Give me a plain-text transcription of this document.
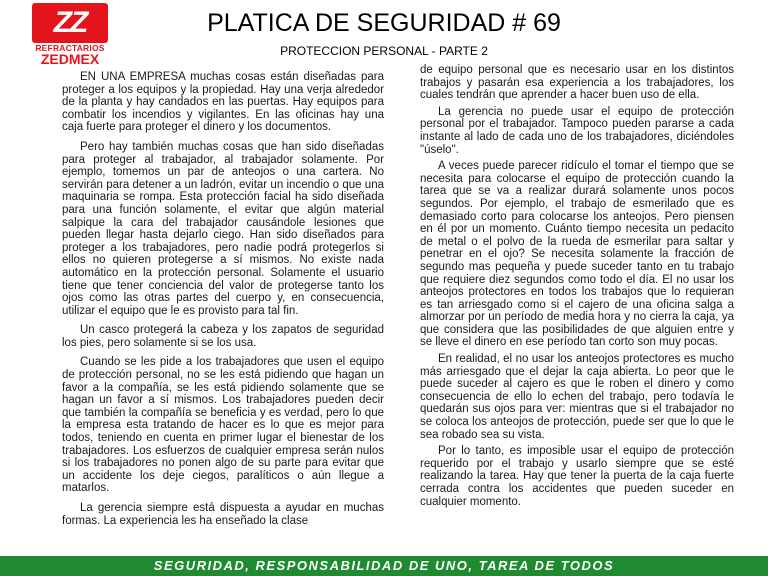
ZZ
REFRACTARIOS
ZEDMEX
PLATICA DE SEGURIDAD # 69
PROTECCION PERSONAL - PARTE 2

EN UNA EMPRESA muchas cosas están diseñadas para proteger a los equipos y la propiedad. Hay una verja alrededor de la planta y hay candados en las puertas. Hay equipos para combatir los incendios y vigilantes. En las oficinas hay una caja fuerte para proteger el dinero y los documentos.

Pero hay también muchas cosas que han sido diseñadas para proteger al trabajador, al trabajador solamente. Por ejemplo, tomemos un par de anteojos o una cartera. No servirán para detener a un ladrón, evitar un incendio o que una maquinaria se rompa. Esta protección facial ha sido diseñada para una función solamente, el evitar que algún material salpique la cara del trabajador causándole lesiones que pueden llegar hasta dejarlo ciego. Han sido diseñados para proteger a los trabajadores, pero nadie podrá protegerlos si ellos no quieren protegerse a sí mismos. No existe nada automático en la protección personal. Solamente el usuario tiene que tener conciencia del valor de protegerse tanto los ojos como las otras partes del cuerpo y, en consecuencia, utilizar el equipo que le es provisto para tal fin.

Un casco protegerá la cabeza y los zapatos de seguridad los pies, pero solamente si se los usa.

Cuando se les pide a los trabajadores que usen el equipo de protección personal, no se les está pidiendo que hagan un favor a la compañía, se les está pidiendo solamente que se hagan un favor a sí mismos. Los trabajadores pueden decir que también la compañía se beneficia y es verdad, pero lo que la empresa esta tratando de hacer es lo que es mejor para todos, teniendo en cuenta en primer lugar el bienestar de los trabajadores. Los esfuerzos de cualquier empresa serán nulos si los trabajadores no ponen algo de su parte para evitar que un accidente los deje ciegos, paralíticos o aún llegue a matarlos.

La gerencia siempre está dispuesta a ayudar en muchas formas. La experiencia les ha enseñado la clase

de equipo personal que es necesario usar en los distintos trabajos y pasarán esa experiencia a los trabajadores, los cuales tendrán que aprender a hacer buen uso de ella.

La gerencia no puede usar el equipo de protección personal por el trabajador. Tampoco pueden pararse a cada instante al lado de cada uno de los trabajadores, diciéndoles "úselo".

A veces puede parecer ridículo el tomar el tiempo que se necesita para colocarse el equipo de protección cuando la tarea que se va a realizar durará solamente unos pocos segundos. Por ejemplo, el trabajo de esmerilado que es demasiado corto para colocarse los anteojos. Pero piensen en él por un momento. Cuánto tiempo necesita un pedacito de metal o el polvo de la rueda de esmerilar para saltar y penetrar en el ojo? Se necesita solamente la fracción de segundo mas pequeña y puede suceder tanto en tu trabajo que requiere diez segundos como todo el día. El no usar los anteojos protectores en todos los trabajos que lo requieran es tan arriesgado como si el cajero de una oficina salga a almorzar por un período de media hora y no cierra la caja, ya que considera que las posibilidades de que alguien entre y se lleve el dinero en ese período tan corto son muy pocas.

En realidad, el no usar los anteojos protectores es mucho más arriesgado que el dejar la caja abierta. Lo peor que le puede suceder al cajero es que le roben el dinero y como consecuencia de ello lo echen del trabajo, pero todavía le quedarán sus ojos para ver: mientras que si el trabajador no se coloca los anteojos de protección, puede ser que lo que le sea robado sea su vista.

Por lo tanto, es imposible usar el equipo de protección requerido por el trabajo y usarlo siempre que se esté realizando la tarea. Hay que tener la puerta de la caja fuerte cerrada contra los accidentes que pueden suceder en cualquier momento.

SEGURIDAD, RESPONSABILIDAD DE UNO, TAREA DE TODOS
